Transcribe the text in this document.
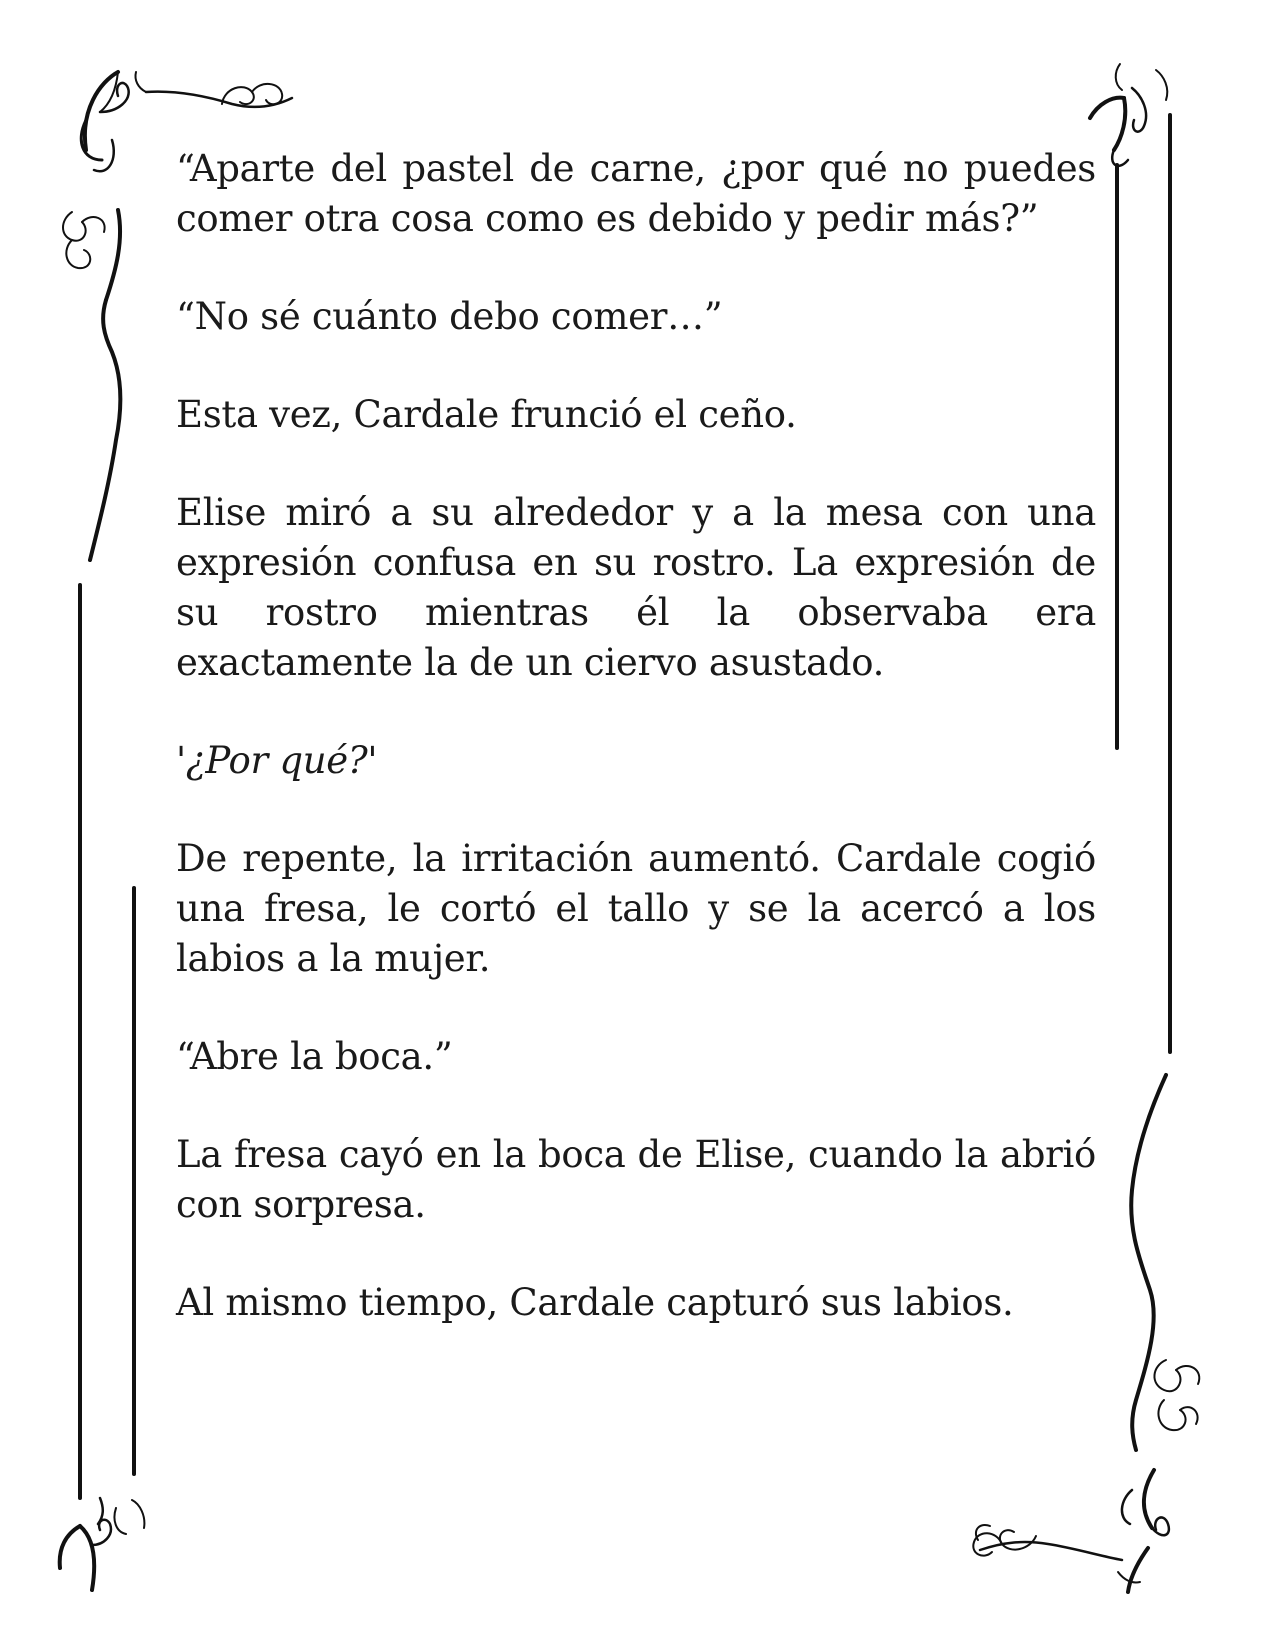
“Aparte del pastel de carne, ¿por qué no puedes comer otra cosa como es debido y pedir más?”

“No sé cuánto debo comer…”

Esta vez, Cardale frunció el ceño.

Elise miró a su alrededor y a la mesa con una expresión confusa en su rostro. La expresión de su rostro mientras él la observaba era exactamente la de un ciervo asustado.

'¿Por qué?'

De repente, la irritación aumentó. Cardale cogió una fresa, le cortó el tallo y se la acercó a los labios a la mujer.

“Abre la boca.”

La fresa cayó en la boca de Elise, cuando la abrió con sorpresa.

Al mismo tiempo, Cardale capturó sus labios.
